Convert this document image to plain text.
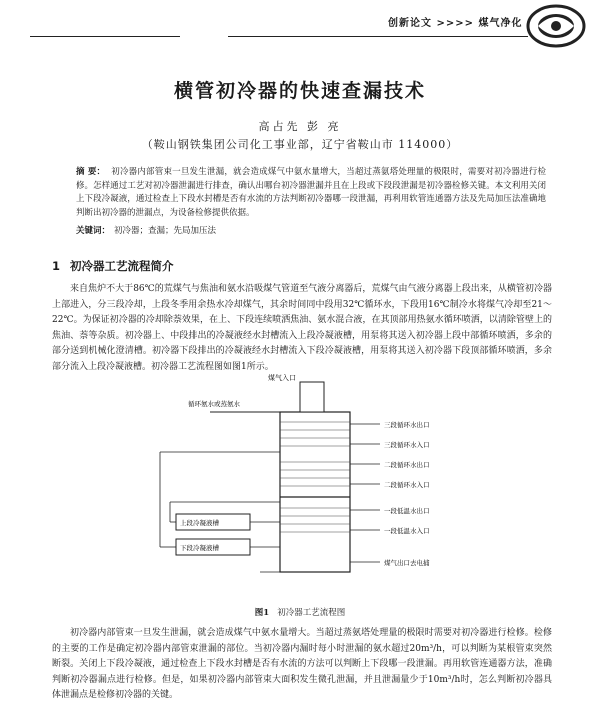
创新论文 >>>> 煤气净化
横管初冷器的快速查漏技术
高占先 彭 亮
（鞍山钢铁集团公司化工事业部，辽宁省鞍山市 114000）
摘 要： 初冷器内部管束一旦发生泄漏，就会造成煤气中氨水量增大，当超过蒸氨塔处理量的极限时，需要对初冷器进行检修。怎样通过工艺对初冷器泄漏进行排查，确认出哪台初冷器泄漏并且在上段或下段段泄漏是初冷器检修关键。本文利用关闭上下段冷凝液，通过检查上下段水封槽是否有水流的方法判断初冷器哪一段泄漏，再利用软管连通器方法及先局加压法准确地判断出初冷器的泄漏点，为设备检修提供依据。
关键词： 初冷器；查漏；先局加压法
1 初冷器工艺流程简介
来自焦炉不大于86℃的荒煤气与焦油和氨水沿吸煤气管道至气液分离器后，荒煤气由气液分离器上段出来，从横管初冷器上部进入，分三段冷却，上段冬季用余热水冷却煤气，其余时间同中段用32℃循环水，下段用16℃制冷水将煤气冷却至21～22℃。为保证初冷器的冷却除萘效果，在上、下段连续喷洒焦油、氨水混合液，在其顶部用热氨水循环喷洒，以清除管壁上的焦油、萘等杂质。初冷器上、中段排出的冷凝液经水封槽流入上段冷凝液槽，用泵将其送入初冷器上段中部循环喷洒，多余的部分送到机械化澄清槽。初冷器下段排出的冷凝液经水封槽流入下段冷凝液槽，用泵将其送入初冷器下段顶部循环喷洒，多余部分流入上段冷凝液槽。初冷器工艺流程图如图1所示。
煤气入口
循环氨水或蒸氨水
三段循环水出口
三段循环水入口
二段循环水出口
二段循环水入口
一段低温水出口
一段低温水入口
煤气出口去电捕
上段冷凝液槽
下段冷凝液槽
图1 初冷器工艺流程图
初冷器内部管束一旦发生泄漏，就会造成煤气中氨水量增大。当超过蒸氨塔处理量的极限时需要对初冷器进行检修。检修的主要的工作是确定初冷器内部管束泄漏的部位。当初冷器内漏时每小时泄漏的氨水超过20m³/h，可以判断为某根管束突然断裂。关闭上下段冷凝液，通过检查上下段水封槽是否有水流的方法可以判断上下段哪一段泄漏。再用软管连通器方法，准确判断初冷器漏点进行检修。但是，如果初冷器内部管束大面积发生微孔泄漏，并且泄漏量少于10m³/h时，怎么判断初冷器具体泄漏点是检修初冷器的关键。
